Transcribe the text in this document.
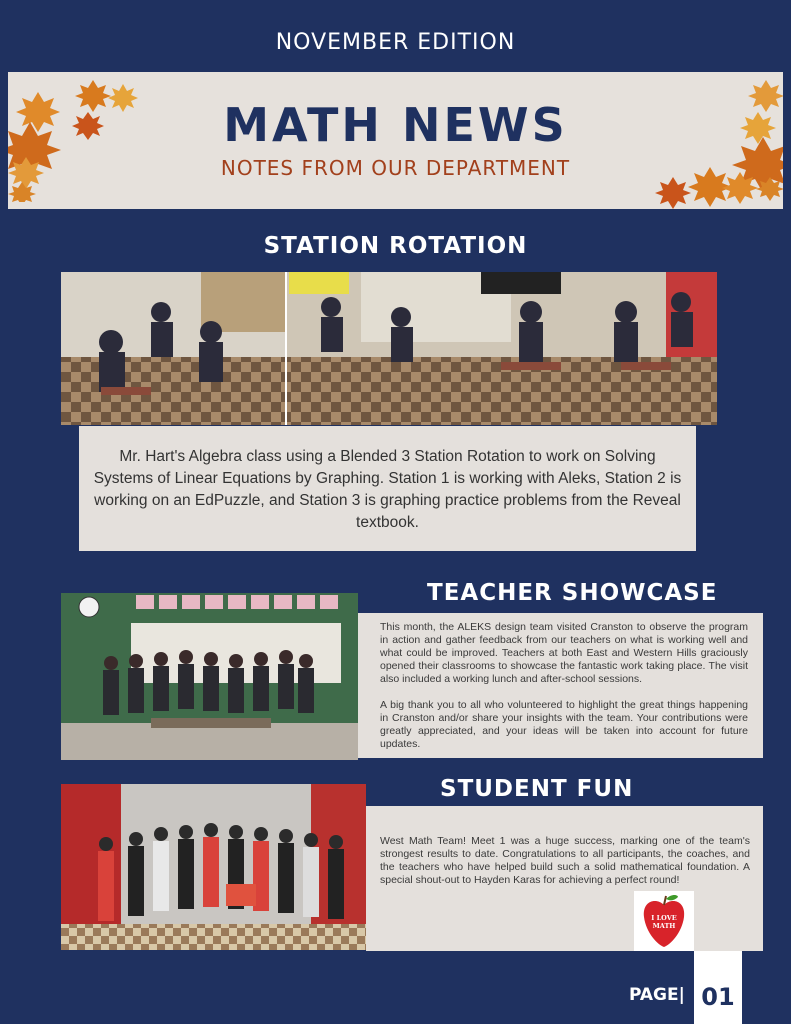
NOVEMBER EDITION
MATH NEWS
NOTES FROM OUR DEPARTMENT
STATION ROTATION
Mr. Hart's Algebra class using a Blended 3 Station Rotation to work on Solving Systems of Linear Equations by Graphing. Station 1 is working with Aleks, Station 2 is working on an EdPuzzle, and Station 3 is graphing practice problems from the Reveal textbook.
TEACHER SHOWCASE
This month, the ALEKS design team visited Cranston to observe the program in action and gather feedback from our teachers on what is working well and what could be improved. Teachers at both East and Western Hills graciously opened their classrooms to showcase the fantastic work taking place. The visit also included a working lunch and after-school sessions.
A big thank you to all who volunteered to highlight the great things happening in Cranston and/or share your insights with the team. Your contributions were greatly appreciated, and your ideas will be taken into account for future updates.
STUDENT FUN
West Math Team! Meet 1 was a huge success, marking one of the team's strongest results to date. Congratulations to all participants, the coaches, and the teachers who have helped build such a solid mathematical foundation. A special shout-out to Hayden Karas for achieving a perfect round!
I LOVE MATH
PAGE| 01
